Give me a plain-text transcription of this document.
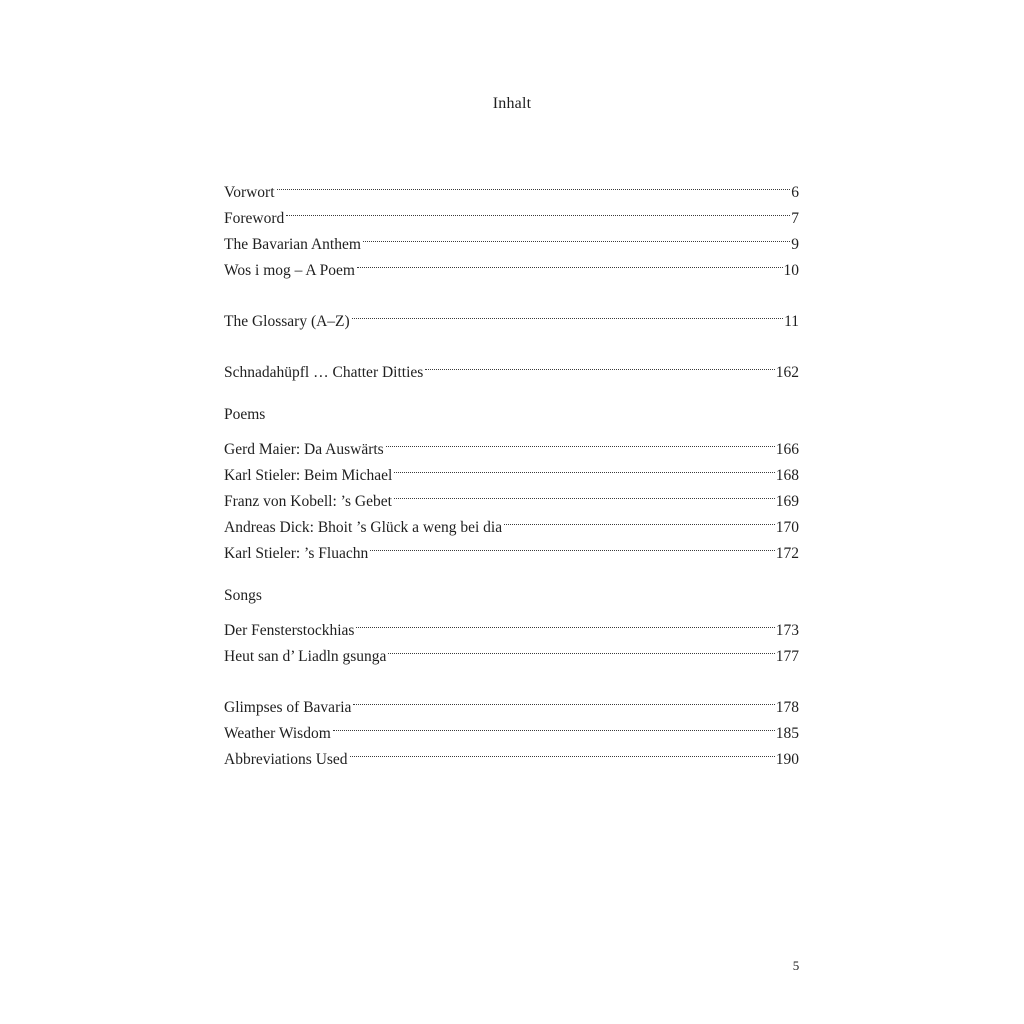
Inhalt
Vorwort	6
Foreword	7
The Bavarian Anthem	9
Wos i mog – A Poem	10
The Glossary (A–Z)	11
Schnadahüpfl … Chatter Ditties	162
Poems
Gerd Maier: Da Auswärts	166
Karl Stieler: Beim Michael	168
Franz von Kobell: ’s Gebet	169
Andreas Dick: Bhoit ’s Glück a weng bei dia	170
Karl Stieler: ’s Fluachn	172
Songs
Der Fensterstockhias	173
Heut san d’ Liadln gsunga	177
Glimpses of Bavaria	178
Weather Wisdom	185
Abbreviations Used	190
5
